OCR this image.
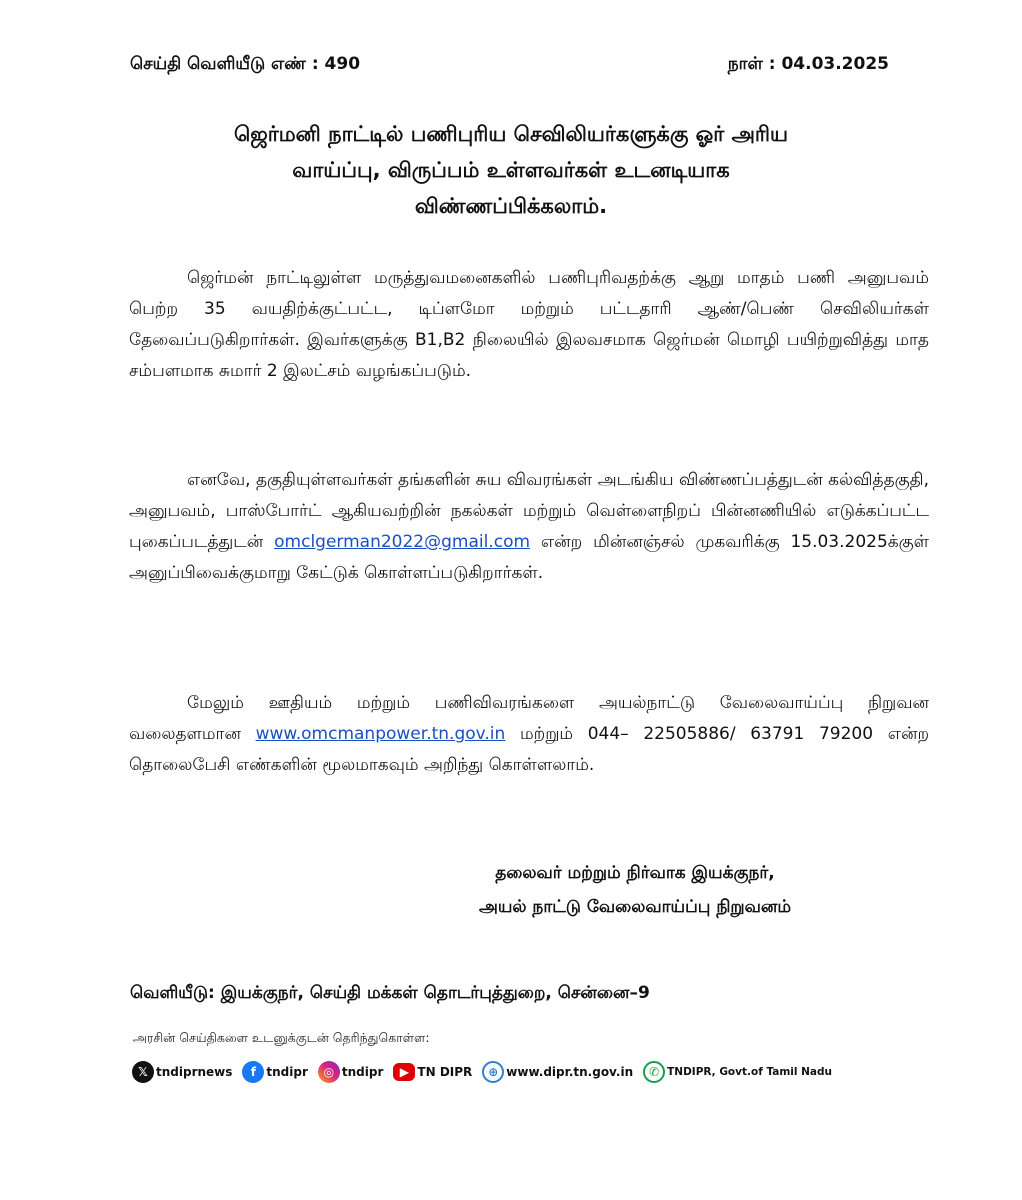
செய்தி வெளியீடு எண் : 490	நாள் : 04.03.2025
ஜெர்மனி நாட்டில் பணிபுரிய செவிலியர்களுக்கு ஓர் அரிய
வாய்ப்பு, விருப்பம் உள்ளவர்கள் உடனடியாக
விண்ணப்பிக்கலாம்.
ஜெர்மன் நாட்டிலுள்ள மருத்துவமனைகளில் பணிபுரிவதற்க்கு ஆறு மாதம் பணி அனுபவம் பெற்ற 35 வயதிற்க்குட்பட்ட, டிப்ளமோ மற்றும் பட்டதாரி ஆண்/பெண் செவிலியர்கள் தேவைப்படுகிறார்கள். இவர்களுக்கு B1,B2 நிலையில் இலவசமாக ஜெர்மன் மொழி பயிற்றுவித்து மாத சம்பளமாக சுமார் 2 இலட்சம் வழங்கப்படும்.
எனவே, தகுதியுள்ளவர்கள் தங்களின் சுய விவரங்கள் அடங்கிய விண்ணப்பத்துடன் கல்வித்தகுதி, அனுபவம், பாஸ்போர்ட் ஆகியவற்றின் நகல்கள் மற்றும் வெள்ளைநிறப் பின்னணியில் எடுக்கப்பட்ட புகைப்படத்துடன் omclgerman2022@gmail.com என்ற மின்னஞ்சல் முகவரிக்கு 15.03.2025க்குள் அனுப்பிவைக்குமாறு கேட்டுக் கொள்ளப்படுகிறார்கள்.
மேலும் ஊதியம் மற்றும் பணிவிவரங்களை அயல்நாட்டு வேலைவாய்ப்பு நிறுவன வலைதளமான www.omcmanpower.tn.gov.in மற்றும் 044– 22505886/ 63791 79200 என்ற தொலைபேசி எண்களின் மூலமாகவும் அறிந்து கொள்ளலாம்.
தலைவர் மற்றும் நிர்வாக இயக்குநர்,
அயல் நாட்டு வேலைவாய்ப்பு நிறுவனம்
வெளியீடு: இயக்குநர், செய்தி மக்கள் தொடர்புத்துறை, சென்னை–9
அரசின் செய்திகளை உடனுக்குடன் தெரிந்துகொள்ள:
𝕏 tndiprnews	f tndipr	◎ tndipr	▶ TN DIPR	⊕ www.dipr.tn.gov.in	✆ TNDIPR, Govt.of Tamil Nadu
